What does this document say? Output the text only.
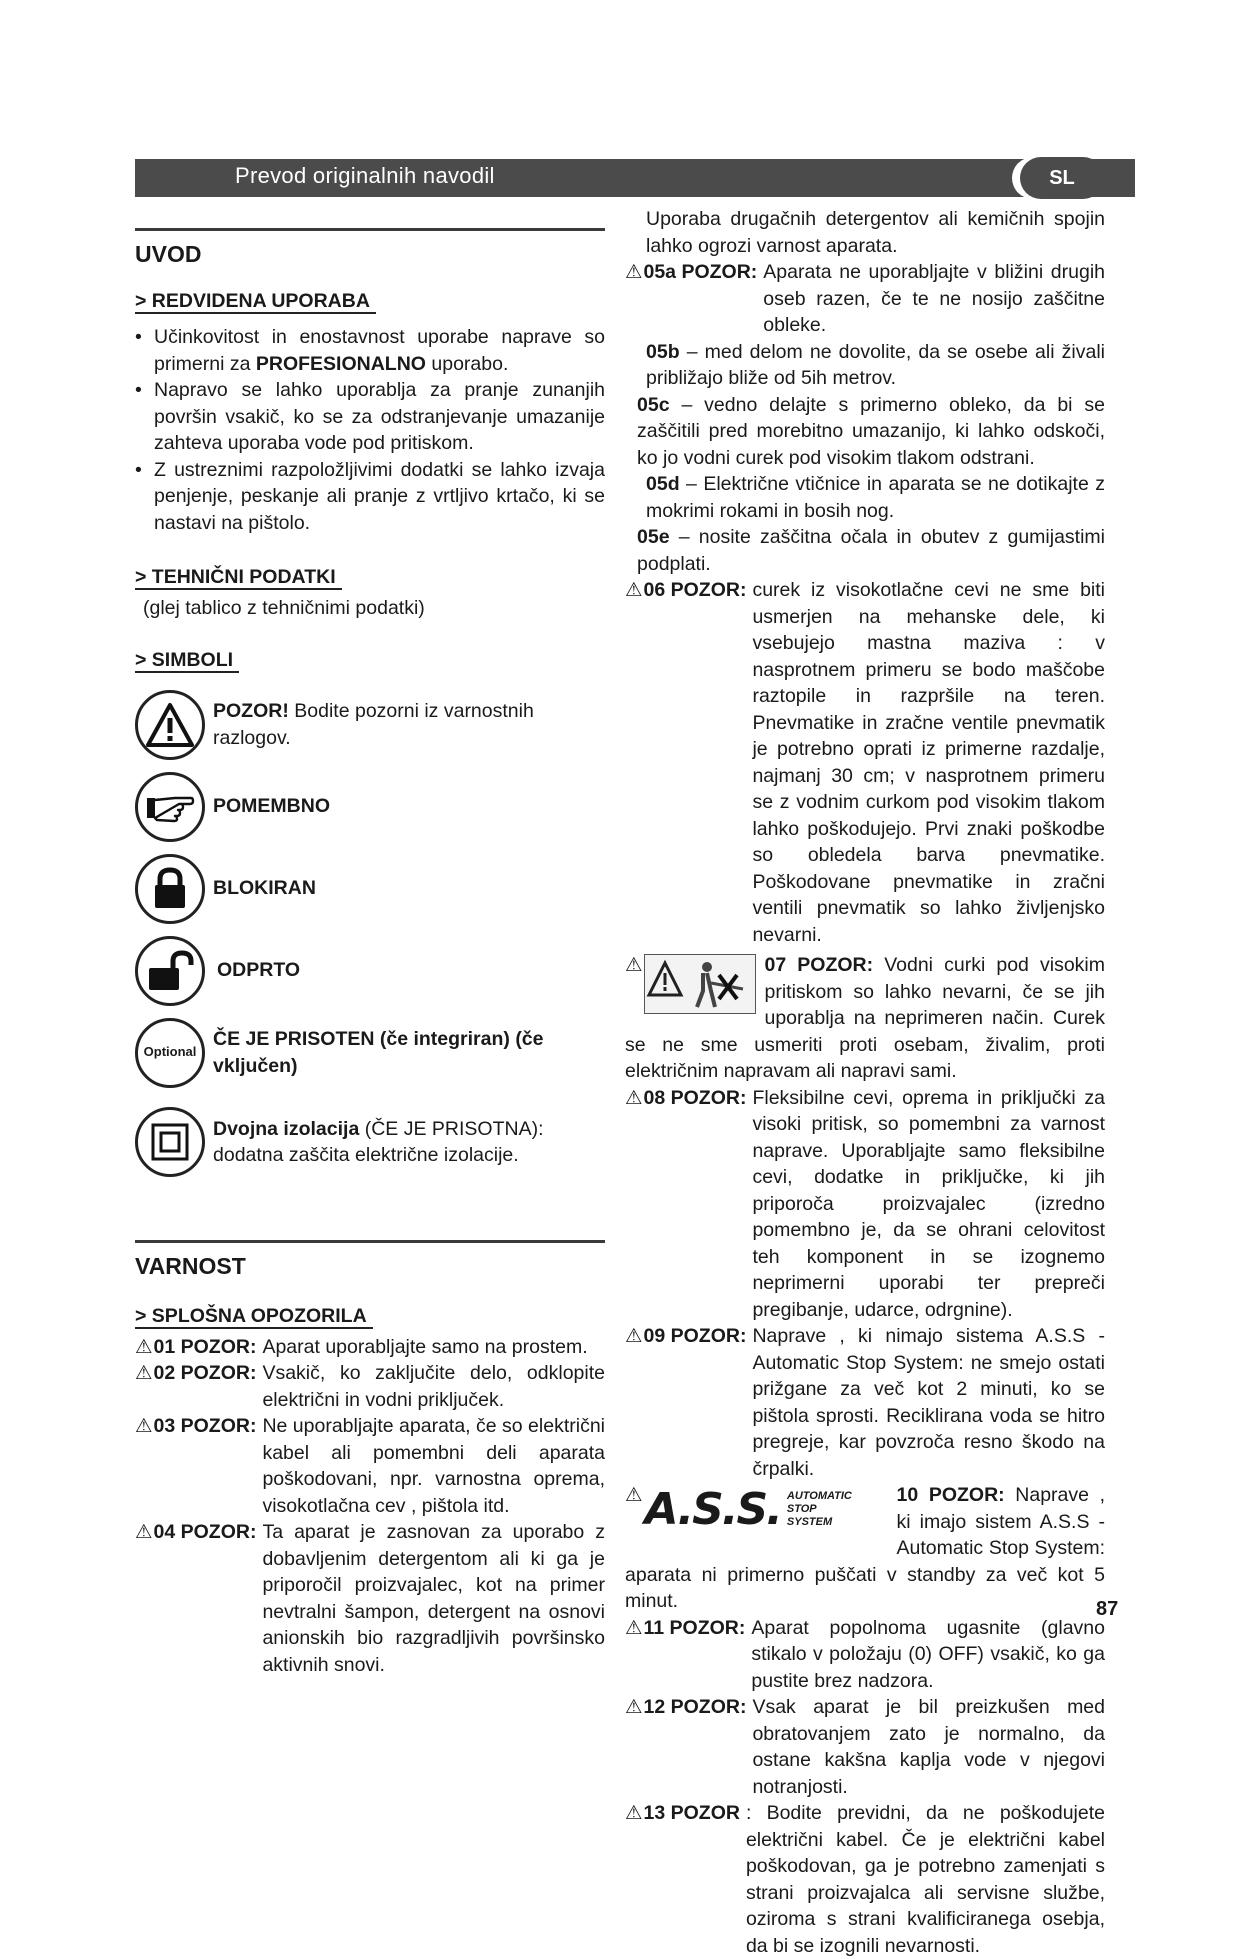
Prevod originalnih navodil	SL
UVOD
> REDVIDENA UPORABA
• Učinkovitost in enostavnost uporabe naprave so primerni za PROFESIONALNO uporabo.
• Napravo se lahko uporablja za pranje zunanjih površin vsakič, ko se za odstranjevanje umazanije zahteva uporaba vode pod pritiskom.
• Z ustreznimi razpoložljivimi dodatki se lahko izvaja penjenje, peskanje ali pranje z vrtljivo krtačo, ki se nastavi na pištolo.
> TEHNIČNI PODATKI
(glej tablico z tehničnimi podatki)
> SIMBOLI
POZOR! Bodite pozorni iz varnostnih razlogov.
POMEMBNO
BLOKIRAN
ODPRTO
Optional
ČE JE PRISOTEN (če integriran) (če vključen)
Dvojna izolacija (ČE JE PRISOTNA): dodatna zaščita električne izolacije.
VARNOST
> SPLOŠNA OPOZORILA
⚠01 POZOR: Aparat uporabljajte samo na prostem.
⚠02 POZOR: Vsakič, ko zaključite delo, odklopite električni in vodni priključek.
⚠03 POZOR: Ne uporabljajte aparata, če so električni kabel ali pomembni deli aparata poškodovani, npr. varnostna oprema, visokotlačna cev , pištola itd.
⚠04 POZOR: Ta aparat je zasnovan za uporabo z dobavljenim detergentom ali ki ga je priporočil proizvajalec, kot na primer nevtralni šampon, detergent na osnovi anionskih bio razgradljivih površinsko aktivnih snovi.
Uporaba drugačnih detergentov ali kemičnih spojin lahko ogrozi varnost aparata.
⚠05a POZOR: Aparata ne uporabljajte v bližini drugih oseb razen, če te ne nosijo zaščitne obleke.
05b – med delom ne dovolite, da se osebe ali živali približajo bliže od 5ih metrov.
05c – vedno delajte s primerno obleko, da bi se zaščitili pred morebitno umazanijo, ki lahko odskoči, ko jo vodni curek pod visokim tlakom odstrani.
05d – Električne vtičnice in aparata se ne dotikajte z mokrimi rokami in bosih nog.
05e – nosite zaščitna očala in obutev z gumijastimi podplati.
⚠06 POZOR: curek iz visokotlačne cevi ne sme biti usmerjen na mehanske dele, ki vsebujejo mastna maziva : v nasprotnem primeru se bodo maščobe raztopile in razpršile na teren. Pnevmatike in zračne ventile pnevmatik je potrebno oprati iz primerne razdalje, najmanj 30 cm; v nasprotnem primeru se z vodnim curkom pod visokim tlakom lahko poškodujejo. Prvi znaki poškodbe so obledela barva pnevmatike. Poškodovane pnevmatike in zračni ventili pnevmatik so lahko življenjsko nevarni.
⚠	07 POZOR: Vodni curki pod visokim pritiskom so lahko nevarni, če se jih uporablja na neprimeren način. Curek se ne sme usmeriti proti osebam, živalim, proti električnim napravam ali napravi sami.
⚠08 POZOR: Fleksibilne cevi, oprema in priključki za visoki pritisk, so pomembni za varnost naprave. Uporabljajte samo fleksibilne cevi, dodatke in priključke, ki jih priporoča proizvajalec (izredno pomembno je, da se ohrani celovitost teh komponent in se izognemo neprimerni uporabi ter prepreči pregibanje, udarce, odrgnine).
⚠09 POZOR: Naprave , ki nimajo sistema A.S.S - Automatic Stop System: ne smejo ostati prižgane za več kot 2 minuti, ko se pištola sprosti. Reciklirana voda se hitro pregreje, kar povzroča resno škodo na črpalki.
⚠ A.S.S. AUTOMATIC
STOP
SYSTEM
10 POZOR: Naprave , ki imajo sistem A.S.S - Automatic Stop System: aparata ni primerno puščati v standby za več kot 5 minut.
⚠11 POZOR: Aparat popolnoma ugasnite (glavno stikalo v položaju (0) OFF) vsakič, ko ga pustite brez nadzora.
⚠12 POZOR: Vsak aparat je bil preizkušen med obratovanjem zato je normalno, da ostane kakšna kaplja vode v njegovi notranjosti.
⚠13 POZOR : Bodite previdni, da ne poškodujete električni kabel. Če je električni kabel poškodovan, ga je potrebno zamenjati s strani proizvajalca ali servisne službe, oziroma s strani kvalificiranega osebja, da bi se izognili nevarnosti.
87
